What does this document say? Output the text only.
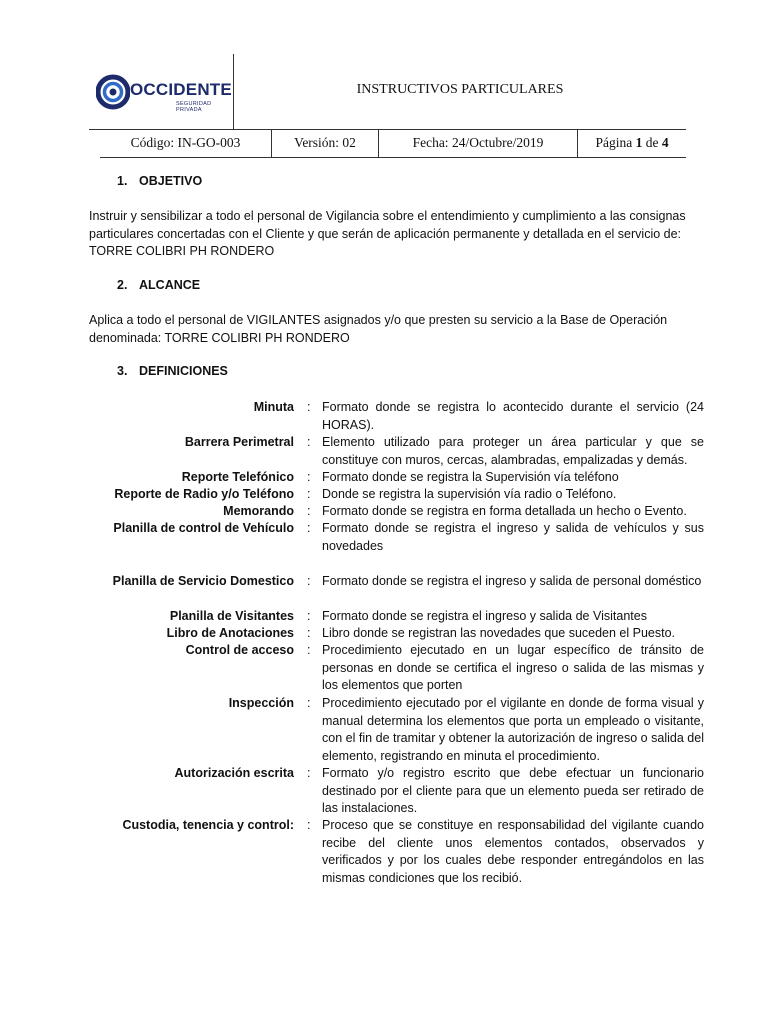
OCCIDENTE
SEGURIDAD PRIVADA
INSTRUCTIVOS PARTICULARES
Código: IN-GO-003	Versión: 02	Fecha: 24/Octubre/2019	Página 1 de 4
1. OBJETIVO
Instruir y sensibilizar a todo el personal de Vigilancia sobre el entendimiento y cumplimiento a las consignas particulares concertadas con el Cliente y que serán de aplicación permanente y detallada en el servicio de: TORRE COLIBRI PH RONDERO
2. ALCANCE
Aplica a todo el personal de VIGILANTES asignados y/o que presten su servicio a la Base de Operación denominada: TORRE COLIBRI PH RONDERO
3. DEFINICIONES
Minuta : Formato donde se registra lo acontecido durante el servicio (24 HORAS).
Barrera Perimetral : Elemento utilizado para proteger un área particular y que se constituye con muros, cercas, alambradas, empalizadas y demás.
Reporte Telefónico : Formato donde se registra la Supervisión vía teléfono
Reporte de Radio y/o Teléfono : Donde se registra la supervisión vía radio o Teléfono.
Memorando : Formato donde se registra en forma detallada un hecho o Evento.
Planilla de control de Vehículo : Formato donde se registra el ingreso y salida de vehículos y sus novedades
Planilla de Servicio Domestico : Formato donde se registra el ingreso y salida de personal doméstico
Planilla de Visitantes : Formato donde se registra el ingreso y salida de Visitantes
Libro de Anotaciones : Libro donde se registran las novedades que suceden el Puesto.
Control de acceso : Procedimiento ejecutado en un lugar específico de tránsito de personas en donde se certifica el ingreso o salida de las mismas y los elementos que porten
Inspección : Procedimiento ejecutado por el vigilante en donde de forma visual y manual determina los elementos que porta un empleado o visitante, con el fin de tramitar y obtener la autorización de ingreso o salida del elemento, registrando en minuta el procedimiento.
Autorización escrita : Formato y/o registro escrito que debe efectuar un funcionario destinado por el cliente para que un elemento pueda ser retirado de las instalaciones.
Custodia, tenencia y control: : Proceso que se constituye en responsabilidad del vigilante cuando recibe del cliente unos elementos contados, observados y verificados y por los cuales debe responder entregándolos en las mismas condiciones que los recibió.
